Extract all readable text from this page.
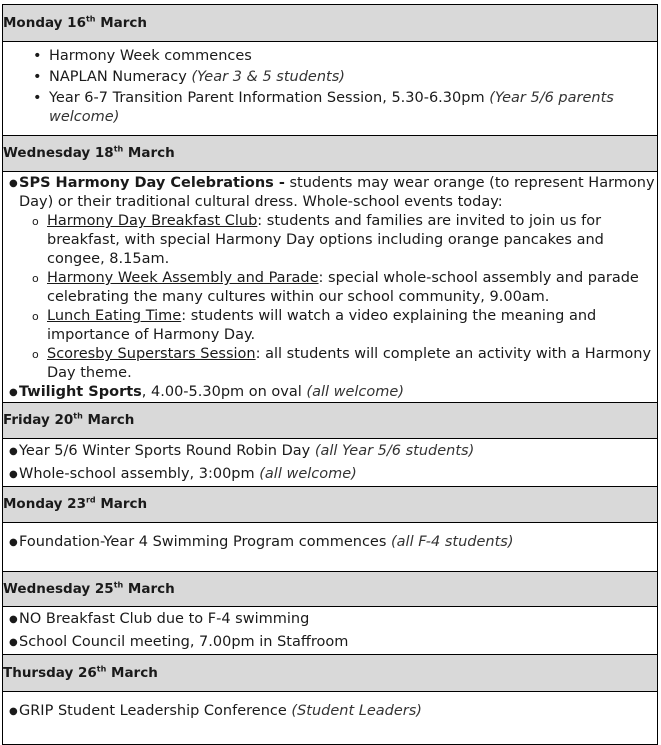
Monday 16th March

• Harmony Week commences
• NAPLAN Numeracy (Year 3 & 5 students)
• Year 6-7 Transition Parent Information Session, 5.30-6.30pm (Year 5/6 parents welcome)

Wednesday 18th March

● SPS Harmony Day Celebrations - students may wear orange (to represent Harmony Day) or their traditional cultural dress. Whole-school events today:
o Harmony Day Breakfast Club: students and families are invited to join us for breakfast, with special Harmony Day options including orange pancakes and congee, 8.15am.
o Harmony Week Assembly and Parade: special whole-school assembly and parade celebrating the many cultures within our school community, 9.00am.
o Lunch Eating Time: students will watch a video explaining the meaning and importance of Harmony Day.
o Scoresby Superstars Session: all students will complete an activity with a Harmony Day theme.
● Twilight Sports, 4.00-5.30pm on oval (all welcome)

Friday 20th March

● Year 5/6 Winter Sports Round Robin Day (all Year 5/6 students)
● Whole-school assembly, 3:00pm (all welcome)

Monday 23rd March

● Foundation-Year 4 Swimming Program commences (all F-4 students)

Wednesday 25th March

● NO Breakfast Club due to F-4 swimming
● School Council meeting, 7.00pm in Staffroom

Thursday 26th March

● GRIP Student Leadership Conference (Student Leaders)
